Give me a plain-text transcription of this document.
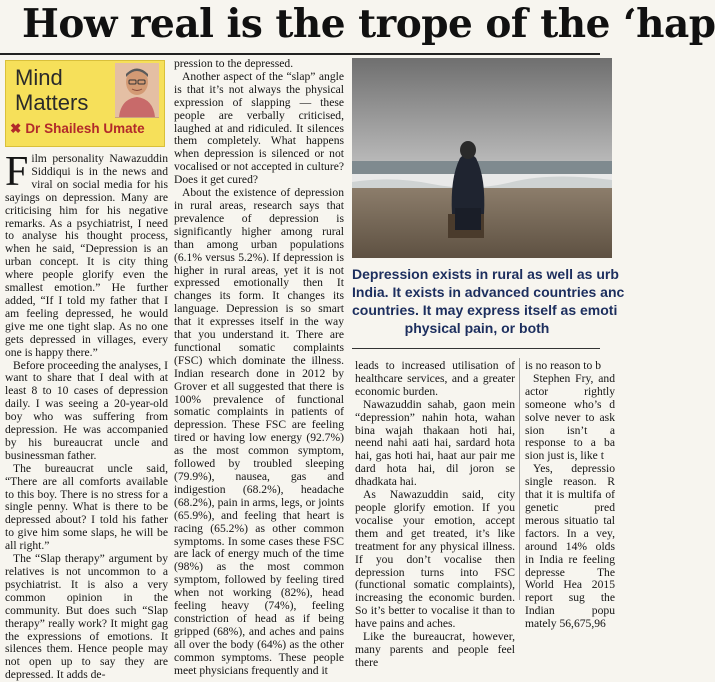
How real is the trope of the ‘hap
Mind
Matters
✖ Dr Shailesh Umate

Film personality Nawazuddin Siddiqui is in the news and viral on social media for his sayings on depression. Many are criticising him for his negative remarks. As a psychiatrist, I need to analyse his thought process, when he said, “Depression is an urban concept. It is city thing where people glorify even the smallest emotion.” He further added, “If I told my father that I am feeling depressed, he would give me one tight slap. As no one gets depressed in villages, every one is happy there.”

Before proceeding the analyses, I want to share that I deal with at least 8 to 10 cases of depression daily. I was seeing a 20-year-old boy who was suffering from depression. He was accompanied by his bureaucrat uncle and businessman father.

The bureaucrat uncle said, “There are all comforts available to this boy. There is no stress for a single penny. What is there to be depressed about? I told his father to give him some slaps, he will be all right.”

The “Slap therapy” argument by relatives is not uncommon to a psychiatrist. It is also a very common opinion in the community. But does such “Slap therapy” really work? It might gag the expressions of emotions. It silences them. Hence people may not open up to say they are depressed. It adds de-

pression to the depressed.

Another aspect of the “slap” angle is that it’s not always the physical expression of slapping — these people are verbally criticised, laughed at and ridiculed. It silences them completely. What happens when depression is silenced or not vocalised or not accepted in culture? Does it get cured?

About the existence of depression in rural areas, research says that prevalence of depression is significantly higher among rural than among urban populations (6.1% versus 5.2%). If depression is higher in rural areas, yet it is not expressed emotionally then It changes its form. It changes its language. Depression is so smart that it expresses itself in the way that you understand it. There are functional somatic complaints (FSC) which dominate the illness. Indian research done in 2012 by Grover et all suggested that there is 100% prevalence of functional somatic complaints in patients of depression. These FSC are feeling tired or having low energy (92.7%) as the most common symptom, followed by troubled sleeping (79.9%), nausea, gas and indigestion (68.2%), headache (68.2%), pain in arms, legs, or joints (65.9%), and feeling that heart is racing (65.2%) as other common symptoms. In some cases these FSC are lack of energy much of the time (98%) as the most common symptom, followed by feeling tired when not working (82%), head feeling heavy (74%), feeling constriction of head as if being gripped (68%), and aches and pains all over the body (64%) as the other common symptoms. These people meet physicians frequently and it

Depression exists in rural as well as urb
India. It exists in advanced countries anc
countries. It may express itself as emoti
physical pain, or both

leads to increased utilisation of healthcare services, and a greater economic burden.

Nawazuddin sahab, gaon mein “depression” nahin hota, wahan bina wajah thakaan hoti hai, neend nahi aati hai, sardard hota hai, gas hoti hai, haat aur pair me dard hota hai, dil joron se dhadkata hai.

As Nawazuddin said, city people glorify emotion. If you vocalise your emotion, accept them and get treated, it’s like treatment for any physical illness. If you don’t vocalise then depression turns into FSC (functional somatic complaints), increasing the economic burden. So it’s better to vocalise it than to have pains and aches.

Like the bureaucrat, however, many parents and people feel there

is no reason to b

Stephen Fry, and actor rightly someone who’s d solve never to ask sion isn’t a response to a ba sion just is, like t

Yes, depressio single reason. R that it is multifa of genetic pred merous situatio tal factors. In a vey, around 14% olds in India re feeling depresse The World Hea 2015 report sug the Indian popu mately 56,675,96
